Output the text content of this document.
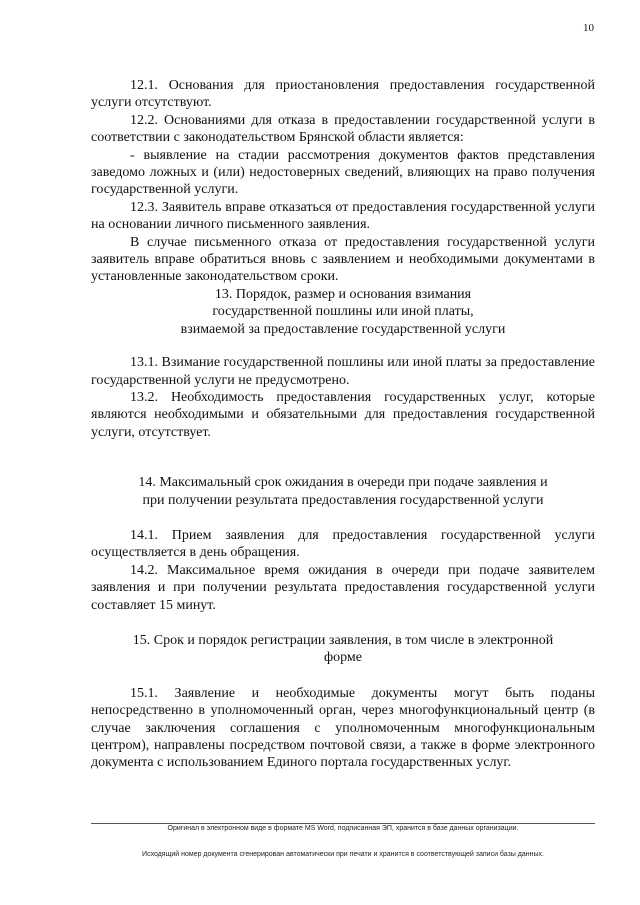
10

12.1. Основания для приостановления предоставления государственной услуги отсутствуют.

12.2. Основаниями для отказа в предоставлении государственной услуги в соответствии с законодательством Брянской области является:

- выявление на стадии рассмотрения документов фактов представления заведомо ложных и (или) недостоверных сведений, влияющих на право получения государственной услуги.

12.3. Заявитель вправе отказаться от предоставления государственной услуги на основании личного письменного заявления.

В случае письменного отказа от предоставления государственной услуги заявитель вправе обратиться вновь с заявлением и необходимыми документами в установленные законодательством сроки.

13. Порядок, размер и основания взимания

государственной пошлины или иной платы,

взимаемой за предоставление государственной услуги

13.1. Взимание государственной пошлины или иной платы за предоставление государственной услуги не предусмотрено.

13.2. Необходимость предоставления государственных услуг, которые являются необходимыми и обязательными для предоставления государственной услуги, отсутствует.

14. Максимальный срок ожидания в очереди при подаче заявления и

при получении результата предоставления государственной услуги

14.1. Прием заявления для предоставления государственной услуги осуществляется в день обращения.

14.2. Максимальное время ожидания в очереди при подаче заявителем заявления и при получении результата предоставления государственной услуги составляет 15 минут.

15. Срок и порядок регистрации заявления, в том числе в электронной

форме

15.1. Заявление и необходимые документы могут быть поданы непосредственно в уполномоченный орган, через многофункциональный центр (в случае заключения соглашения с уполномоченным многофункциональным центром), направлены посредством почтовой связи, а также в форме электронного документа с использованием Единого портала государственных услуг.

Оригинал в электронном виде в формате MS Word, подписанная ЭП, хранится в базе данных организации.
Исходящий номер документа сгенерирован автоматически при печати и хранится в соответствующей записи базы данных.
